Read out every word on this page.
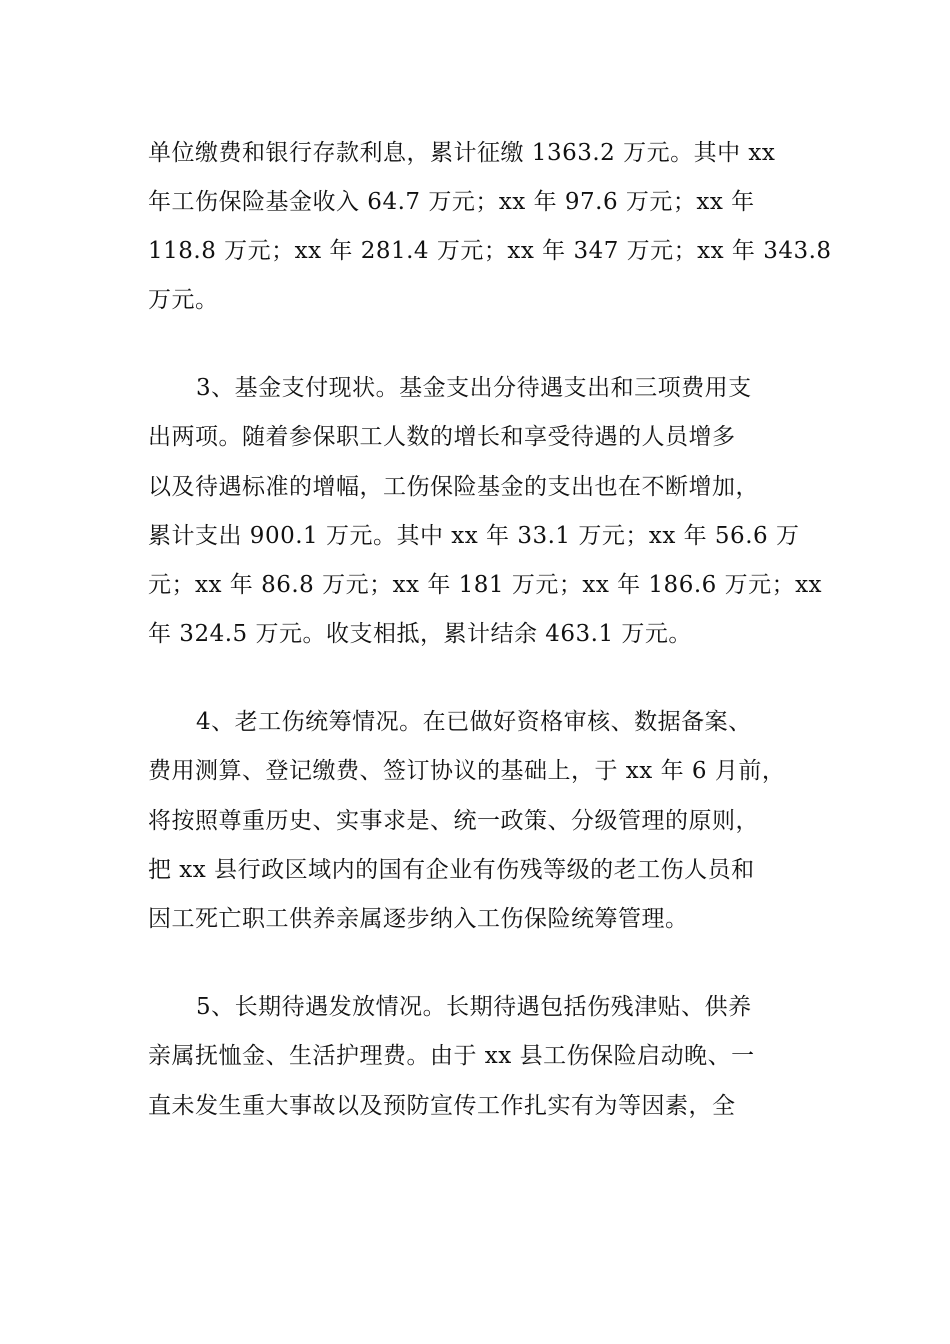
单位缴费和银行存款利息，累计征缴 1363.2 万元。其中 xx
年工伤保险基金收入 64.7 万元；xx 年 97.6 万元；xx 年
118.8 万元；xx 年 281.4 万元；xx 年 347 万元；xx 年 343.8
万元。
3、基金支付现状。基金支出分待遇支出和三项费用支
出两项。随着参保职工人数的增长和享受待遇的人员增多
以及待遇标准的增幅，工伤保险基金的支出也在不断增加，
累计支出 900.1 万元。其中 xx 年 33.1 万元；xx 年 56.6 万
元；xx 年 86.8 万元；xx 年 181 万元；xx 年 186.6 万元；xx
年 324.5 万元。收支相抵，累计结余 463.1 万元。
4、老工伤统筹情况。在已做好资格审核、数据备案、
费用测算、登记缴费、签订协议的基础上，于 xx 年 6 月前，
将按照尊重历史、实事求是、统一政策、分级管理的原则，
把 xx 县行政区域内的国有企业有伤残等级的老工伤人员和
因工死亡职工供养亲属逐步纳入工伤保险统筹管理。
5、长期待遇发放情况。长期待遇包括伤残津贴、供养
亲属抚恤金、生活护理费。由于 xx 县工伤保险启动晚、一
直未发生重大事故以及预防宣传工作扎实有为等因素，全
